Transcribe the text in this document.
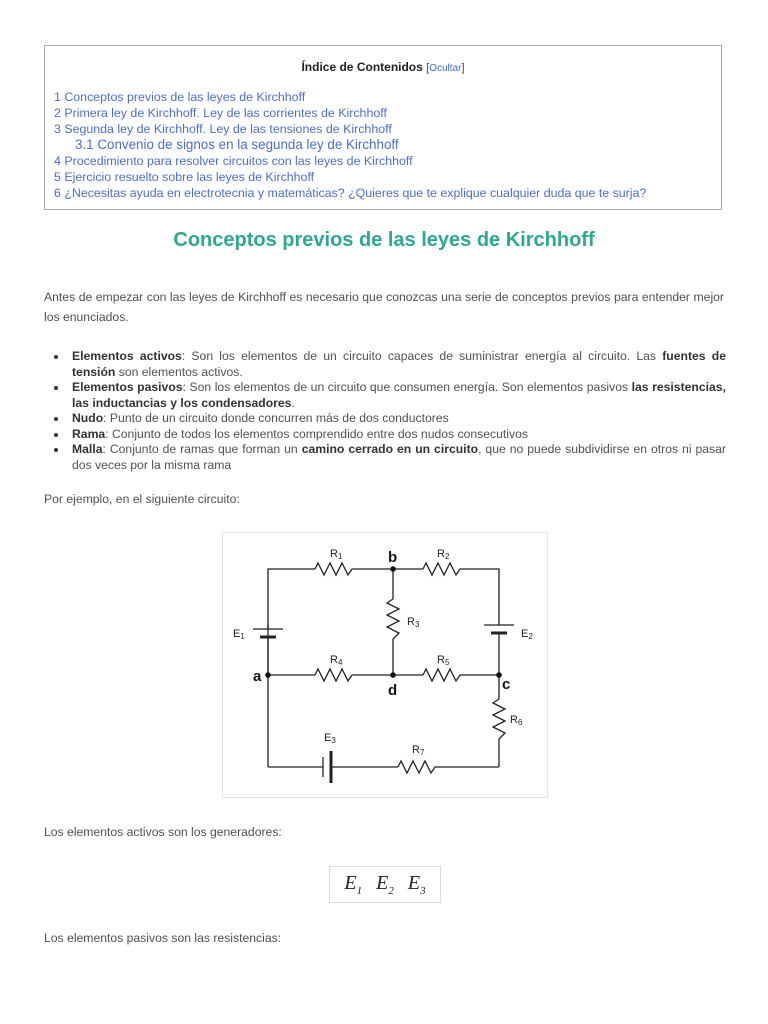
Índice de Contenidos [Ocultar]
1 Conceptos previos de las leyes de Kirchhoff
2 Primera ley de Kirchhoff. Ley de las corrientes de Kirchhoff
3 Segunda ley de Kirchhoff. Ley de las tensiones de Kirchhoff
3.1 Convenio de signos en la segunda ley de Kirchhoff
4 Procedimiento para resolver circuitos con las leyes de Kirchhoff
5 Ejercicio resuelto sobre las leyes de Kirchhoff
6 ¿Necesitas ayuda en electrotecnia y matemáticas? ¿Quieres que te explique cualquier duda que te surja?
Conceptos previos de las leyes de Kirchhoff

Antes de empezar con las leyes de Kirchhoff es necesario que conozcas una serie de conceptos previos para entender mejor los enunciados.

Elementos activos: Son los elementos de un circuito capaces de suministrar energía al circuito. Las fuentes de tensión son elementos activos.
Elementos pasivos: Son los elementos de un circuito que consumen energía. Son elementos pasivos las resistencias, las inductancias y los condensadores.
Nudo: Punto de un circuito donde concurren más de dos conductores
Rama: Conjunto de todos los elementos comprendido entre dos nudos consecutivos
Malla: Conjunto de ramas que forman un camino cerrado en un circuito, que no puede subdividirse en otros ni pasar dos veces por la misma rama

Por ejemplo, en el siguiente circuito:

R1	R2
R3
R4	R5
R6
R7
E1	E2
E3
a
b
c
d

Los elementos activos son los generadores:

$E_1$ $E_2$ $E_3$

Los elementos pasivos son las resistencias:
